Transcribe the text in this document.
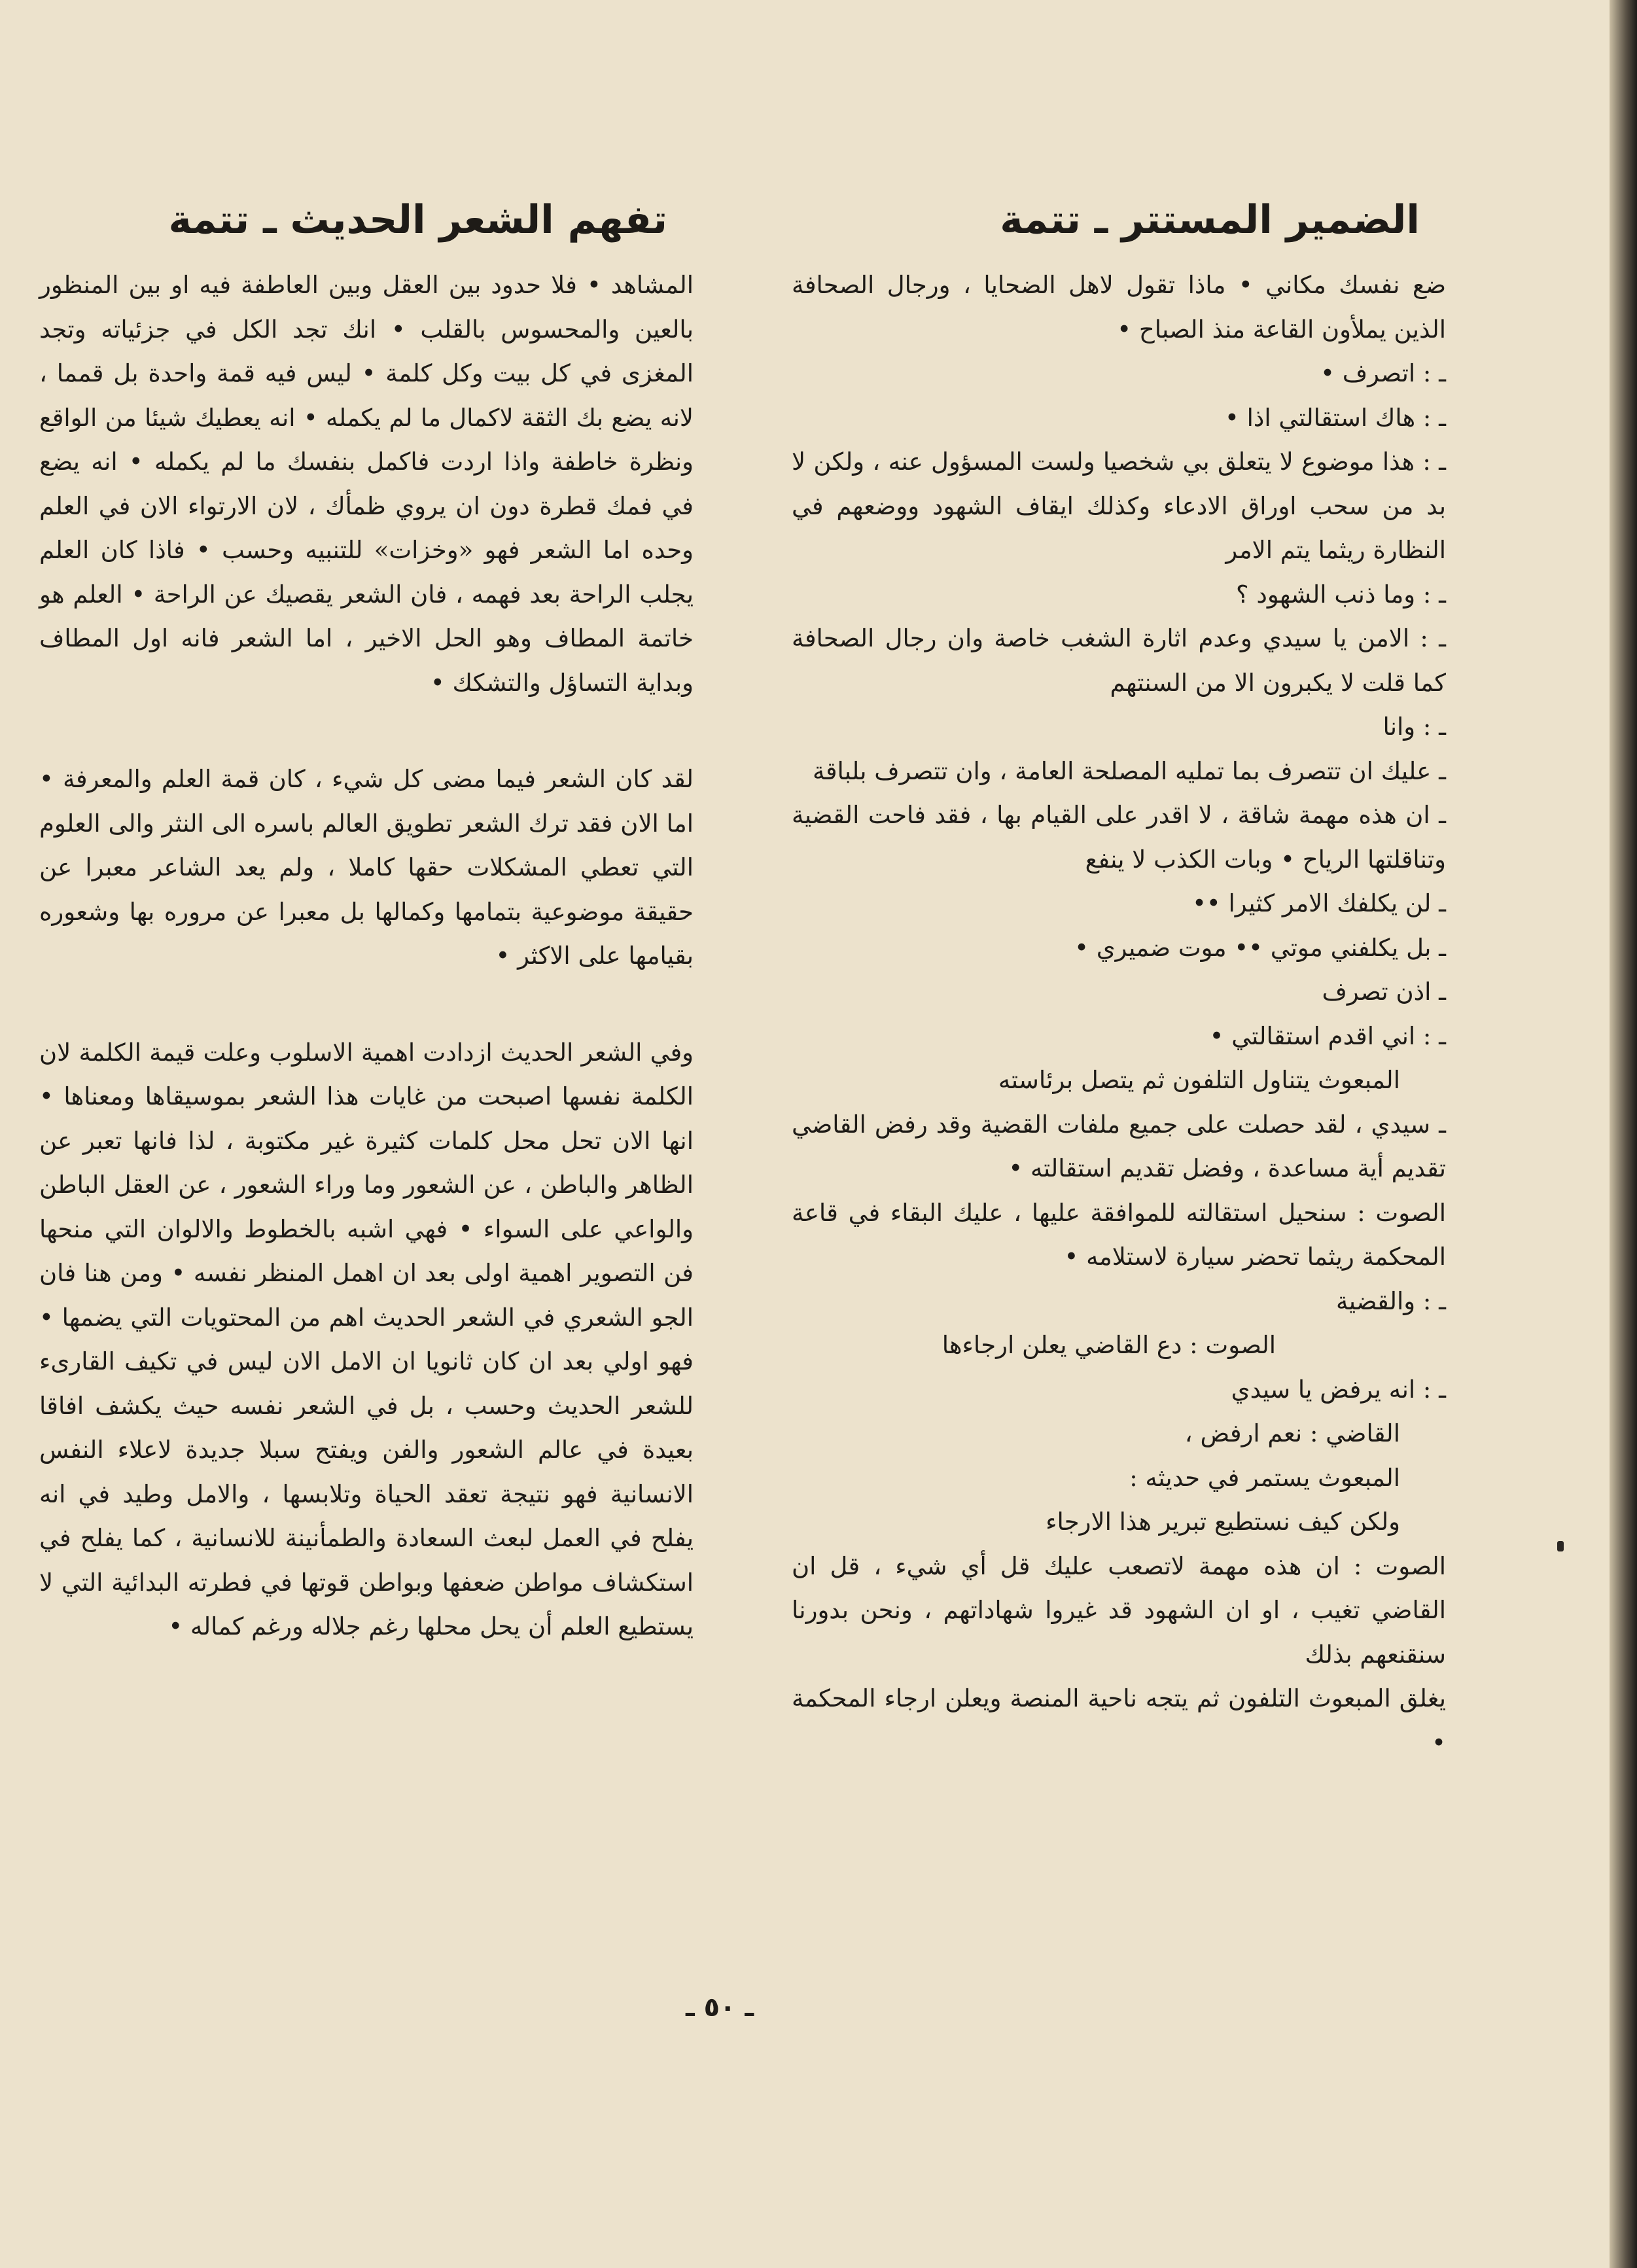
الضمير المستتر ـ تتمة

ضع نفسك مكاني • ماذا تقول لاهل الضحايا ، ورجال الصحافة الذين يملأون القاعة منذ الصباح •

ـ : اتصرف •

ـ : هاك استقالتي اذا •

ـ : هذا موضوع لا يتعلق بي شخصيا ولست المسؤول عنه ، ولكن لا بد من سحب اوراق الادعاء وكذلك ايقاف الشهود ووضعهم في النظارة ريثما يتم الامر

ـ : وما ذنب الشهود ؟

ـ : الامن يا سيدي وعدم اثارة الشغب خاصة وان رجال الصحافة كما قلت لا يكبرون الا من السنتهم

ـ : وانا

ـ عليك ان تتصرف بما تمليه المصلحة العامة ، وان تتصرف بلباقة

ـ ان هذه مهمة شاقة ، لا اقدر على القيام بها ، فقد فاحت القضية وتناقلتها الرياح • وبات الكذب لا ينفع

ـ لن يكلفك الامر كثيرا ••

ـ بل يكلفني موتي •• موت ضميري •

ـ اذن تصرف

ـ : اني اقدم استقالتي •

المبعوث يتناول التلفون ثم يتصل برئاسته

ـ سيدي ، لقد حصلت على جميع ملفات القضية وقد رفض القاضي تقديم أية مساعدة ، وفضل تقديم استقالته •

الصوت : سنحيل استقالته للموافقة عليها ، عليك البقاء في قاعة المحكمة ريثما تحضر سيارة لاستلامه •

ـ : والقضية

الصوت : دع القاضي يعلن ارجاءها

ـ : انه يرفض يا سيدي

القاضي : نعم ارفض ،

المبعوث يستمر في حديثه :

ولكن كيف نستطيع تبرير هذا الارجاء

الصوت : ان هذه مهمة لاتصعب عليك قل أي شيء ، قل ان القاضي تغيب ، او ان الشهود قد غيروا شهاداتهم ، ونحن بدورنا سنقنعهم بذلك

يغلق المبعوث التلفون ثم يتجه ناحية المنصة ويعلن ارجاء المحكمة •

تفهم الشعر الحديث ـ تتمة

المشاهد • فلا حدود بين العقل وبين العاطفة فيه او بين المنظور بالعين والمحسوس بالقلب • انك تجد الكل في جزئياته وتجد المغزى في كل بيت وكل كلمة • ليس فيه قمة واحدة بل قمما ، لانه يضع بك الثقة لاكمال ما لم يكمله • انه يعطيك شيئا من الواقع ونظرة خاطفة واذا اردت فاكمل بنفسك ما لم يكمله • انه يضع في فمك قطرة دون ان يروي ظمأك ، لان الارتواء الان في العلم وحده اما الشعر فهو «وخزات» للتنبيه وحسب • فاذا كان العلم يجلب الراحة بعد فهمه ، فان الشعر يقصيك عن الراحة • العلم هو خاتمة المطاف وهو الحل الاخير ، اما الشعر فانه اول المطاف وبداية التساؤل والتشكك •

لقد كان الشعر فيما مضى كل شيء ، كان قمة العلم والمعرفة • اما الان فقد ترك الشعر تطويق العالم باسره الى النثر والى العلوم التي تعطي المشكلات حقها كاملا ، ولم يعد الشاعر معبرا عن حقيقة موضوعية بتمامها وكمالها بل معبرا عن مروره بها وشعوره بقيامها على الاكثر •

وفي الشعر الحديث ازدادت اهمية الاسلوب وعلت قيمة الكلمة لان الكلمة نفسها اصبحت من غايات هذا الشعر بموسيقاها ومعناها • انها الان تحل محل كلمات كثيرة غير مكتوبة ، لذا فانها تعبر عن الظاهر والباطن ، عن الشعور وما وراء الشعور ، عن العقل الباطن والواعي على السواء • فهي اشبه بالخطوط والالوان التي منحها فن التصوير اهمية اولى بعد ان اهمل المنظر نفسه • ومن هنا فان الجو الشعري في الشعر الحديث اهم من المحتويات التي يضمها • فهو اولي بعد ان كان ثانويا ان الامل الان ليس في تكيف القارىء للشعر الحديث وحسب ، بل في الشعر نفسه حيث يكشف افاقا بعيدة في عالم الشعور والفن ويفتح سبلا جديدة لاعلاء النفس الانسانية فهو نتيجة تعقد الحياة وتلابسها ، والامل وطيد في انه يفلح في العمل لبعث السعادة والطمأنينة للانسانية ، كما يفلح في استكشاف مواطن ضعفها وبواطن قوتها في فطرته البدائية التي لا يستطيع العلم أن يحل محلها رغم جلاله ورغم كماله •

ـ ٥٠ ـ
